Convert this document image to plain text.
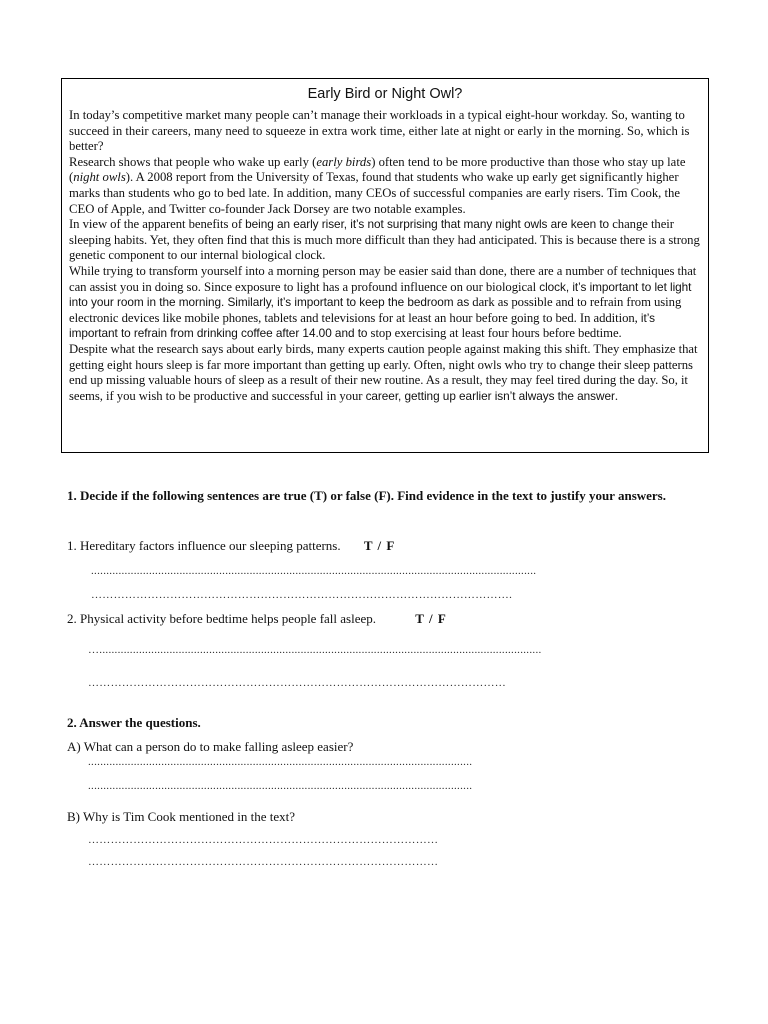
Early Bird or Night Owl?

In today’s competitive market many people can’t manage their workloads in a typical eight-hour workday. So, wanting to succeed in their careers, many need to squeeze in extra work time, either late at night or early in the morning. So, which is better?

Research shows that people who wake up early (early birds) often tend to be more productive than those who stay up late (night owls). A 2008 report from the University of Texas, found that students who wake up early get significantly higher marks than students who go to bed late. In addition, many CEOs of successful companies are early risers. Tim Cook, the CEO of Apple, and Twitter co-founder Jack Dorsey are two notable examples.

In view of the apparent benefits of being an early riser, it’s not surprising that many night owls are keen to change their sleeping habits. Yet, they often find that this is much more difficult than they had anticipated. This is because there is a strong genetic component to our internal biological clock.

While trying to transform yourself into a morning person may be easier said than done, there are a number of techniques that can assist you in doing so. Since exposure to light has a profound influence on our biological clock, it’s important to let light into your room in the morning. Similarly, it’s important to keep the bedroom as dark as possible and to refrain from using electronic devices like mobile phones, tablets and televisions for at least an hour before going to bed. In addition, it’s important to refrain from drinking coffee after 14.00 and to stop exercising at least four hours before bedtime.

Despite what the research says about early birds, many experts caution people against making this shift. They emphasize that getting eight hours sleep is far more important than getting up early. Often, night owls who try to change their sleep patterns end up missing valuable hours of sleep as a result of their new routine. As a result, they may feel tired during the day. So, it seems, if you wish to be productive and successful in your career, getting up earlier isn’t always the answer.

1. Decide if the following sentences are true (T) or false (F). Find evidence in the text to justify your answers.
1. Hereditary factors influence our sleeping patterns. T / F
..................................................................................................................................................
………………………………………………………………………………………………….
2. Physical activity before bedtime helps people fall asleep.	T / F
….................................................................................................................................................
…………………………………………………………………………………………………
2. Answer the questions.
A) What can a person do to make falling asleep easier?
..............................................................................................................................
..............................................................................................................................
B) Why is Tim Cook mentioned in the text?
…………………………………………………………………………………
…………………………………………………………………………………
